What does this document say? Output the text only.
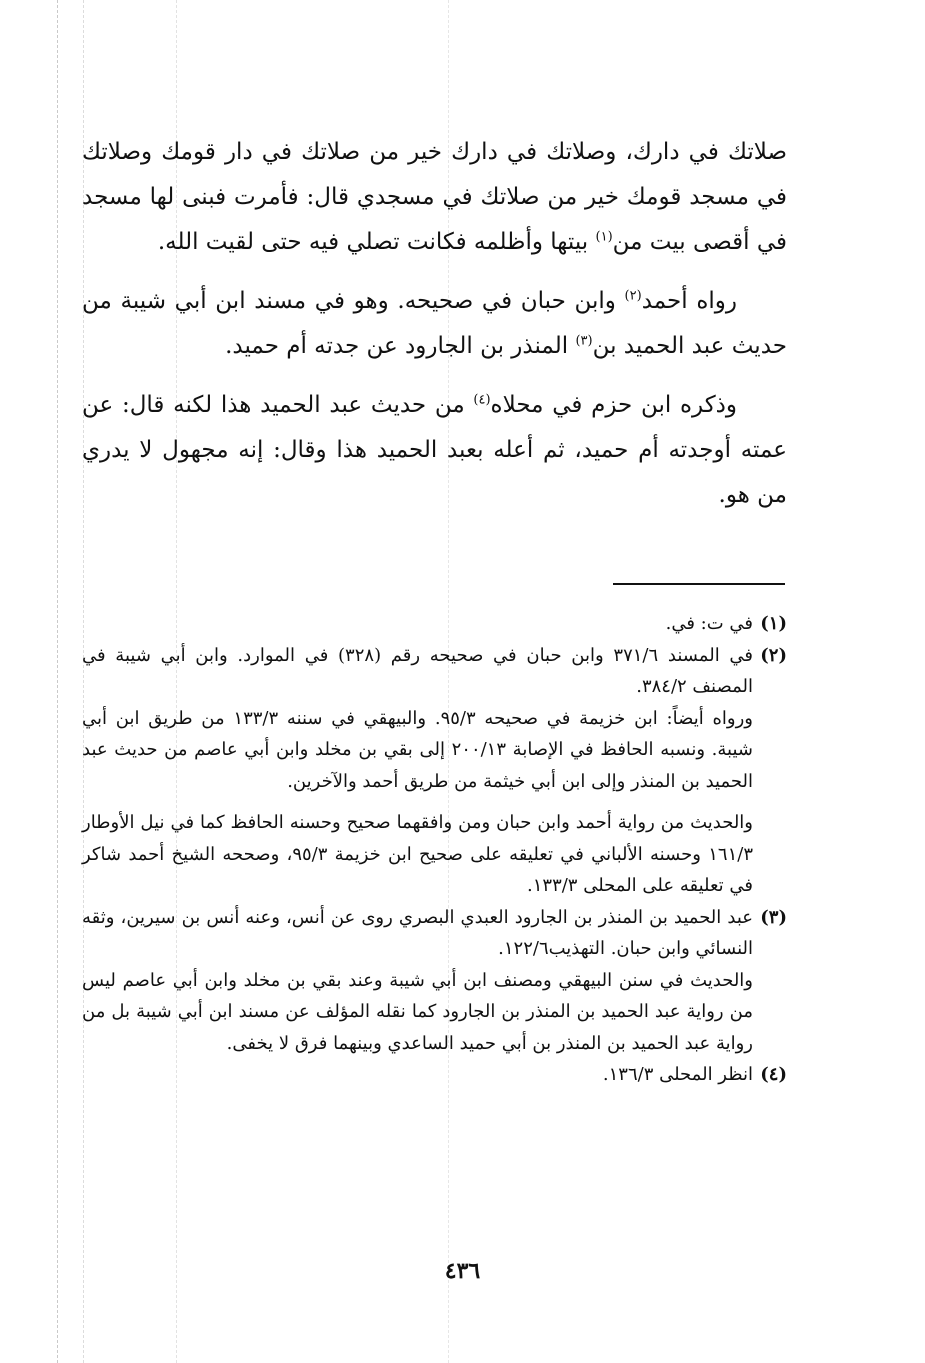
صلاتك في دارك، وصلاتك في دارك خير من صلاتك في دار قومك وصلاتك في مسجد قومك خير من صلاتك في مسجدي قال: فأمرت فبنى لها مسجد في أقصى بيت من$^{(١)}$ بيتها وأظلمه فكانت تصلي فيه حتى لقيت الله.

رواه أحمد$^{(٢)}$ وابن حبان في صحيحه. وهو في مسند ابن أبي شيبة من حديث عبد الحميد بن$^{(٣)}$ المنذر بن الجارود عن جدته أم حميد.

وذكره ابن حزم في محلاه$^{(٤)}$ من حديث عبد الحميد هذا لكنه قال: عن عمته أوجدته أم حميد، ثم أعله بعبد الحميد هذا وقال: إنه مجهول لا يدري من هو.

(١)
في ت: في.
(٢)
في المسند ٣٧١/٦ وابن حبان في صحيحه رقم (٣٢٨) في الموارد. وابن أبي شيبة في المصنف ٣٨٤/٢.
ورواه أيضاً: ابن خزيمة في صحيحه ٩٥/٣. والبيهقي في سننه ١٣٣/٣ من طريق ابن أبي شيبة. ونسبه الحافظ في الإصابة ٢٠٠/١٣ إلى بقي بن مخلد وابن أبي عاصم من حديث عبد الحميد بن المنذر وإلى ابن أبي خيثمة من طريق أحمد والآخرين.
والحديث من رواية أحمد وابن حبان ومن وافقهما صحيح وحسنه الحافظ كما في نيل الأوطار ١٦١/٣ وحسنه الألباني في تعليقه على صحيح ابن خزيمة ٩٥/٣، وصححه الشيخ أحمد شاكر في تعليقه على المحلى ١٣٣/٣.
(٣)
عبد الحميد بن المنذر بن الجارود العبدي البصري روى عن أنس، وعنه أنس بن سيرين، وثقه النسائي وابن حبان. التهذيب١٢٢/٦.
والحديث في سنن البيهقي ومصنف ابن أبي شيبة وعند بقي بن مخلد وابن أبي عاصم ليس من رواية عبد الحميد بن المنذر بن الجارود كما نقله المؤلف عن مسند ابن أبي شيبة بل من رواية عبد الحميد بن المنذر بن أبي حميد الساعدي وبينهما فرق لا يخفى.
(٤)
انظر المحلى ١٣٦/٣.
٤٣٦
